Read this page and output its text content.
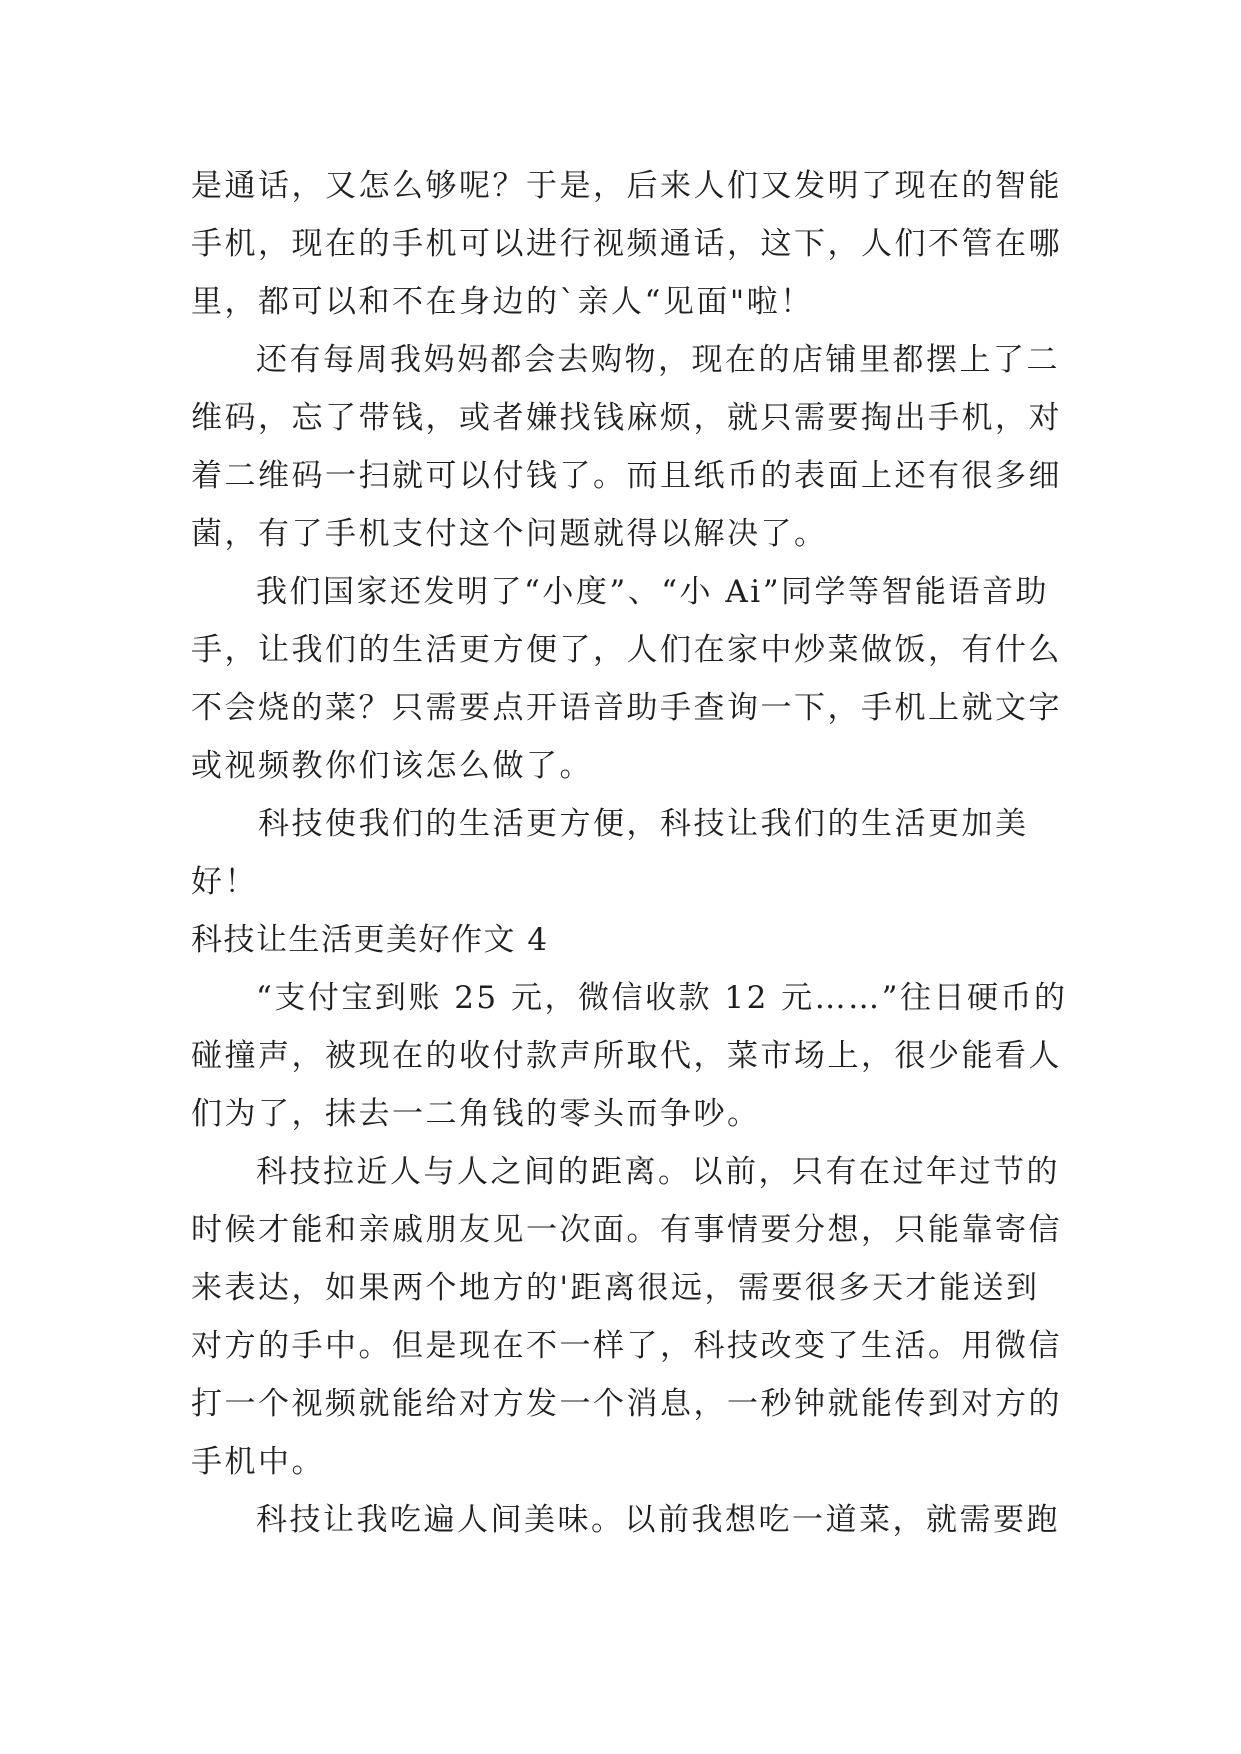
是通话，又怎么够呢？于是，后来人们又发明了现在的智能
手机，现在的手机可以进行视频通话，这下，人们不管在哪
里，都可以和不在身边的`亲人“见面"啦！
还有每周我妈妈都会去购物，现在的店铺里都摆上了二
维码，忘了带钱，或者嫌找钱麻烦，就只需要掏出手机，对
着二维码一扫就可以付钱了。而且纸币的表面上还有很多细
菌，有了手机支付这个问题就得以解决了。
我们国家还发明了“小度”、“小 Ai”同学等智能语音助
手，让我们的生活更方便了，人们在家中炒菜做饭，有什么
不会烧的菜？只需要点开语音助手查询一下，手机上就文字
或视频教你们该怎么做了。
科技使我们的生活更方便，科技让我们的生活更加美
好！
科技让生活更美好作文 4
“支付宝到账 25 元，微信收款 12 元……”往日硬币的
碰撞声，被现在的收付款声所取代，菜市场上，很少能看人
们为了，抹去一二角钱的零头而争吵。
科技拉近人与人之间的距离。以前，只有在过年过节的
时候才能和亲戚朋友见一次面。有事情要分想，只能靠寄信
来表达，如果两个地方的'距离很远，需要很多天才能送到
对方的手中。但是现在不一样了，科技改变了生活。用微信
打一个视频就能给对方发一个消息，一秒钟就能传到对方的
手机中。
科技让我吃遍人间美味。以前我想吃一道菜，就需要跑
